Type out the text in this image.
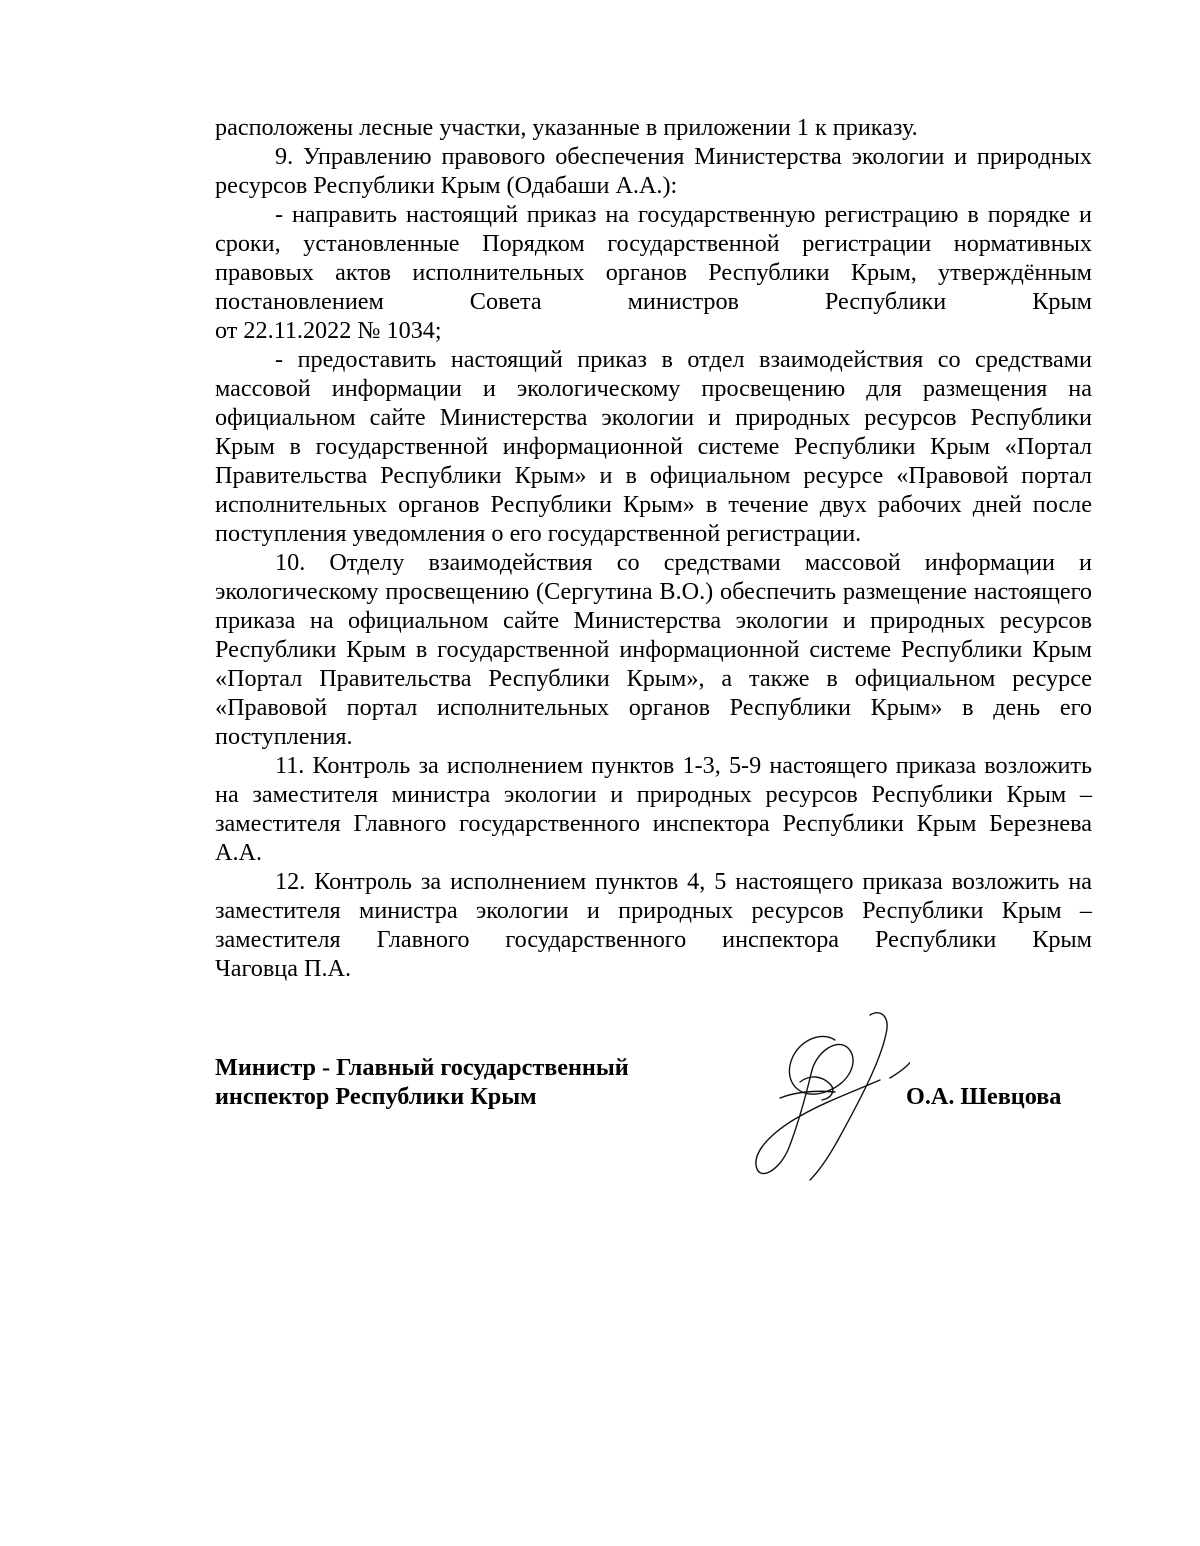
расположены лесные участки, указанные в приложении 1 к приказу.

9. Управлению правового обеспечения Министерства экологии и природных ресурсов Республики Крым (Одабаши А.А.):

- направить настоящий приказ на государственную регистрацию в порядке и сроки, установленные Порядком государственной регистрации нормативных правовых актов исполнительных органов Республики Крым, утверждённым постановлением Совета министров Республики Крым

от 22.11.2022 № 1034;

- предоставить настоящий приказ в отдел взаимодействия со средствами массовой информации и экологическому просвещению для размещения на официальном сайте Министерства экологии и природных ресурсов Республики Крым в государственной информационной системе Республики Крым «Портал Правительства Республики Крым» и в официальном ресурсе «Правовой портал исполнительных органов Республики Крым» в течение двух рабочих дней после поступления уведомления о его государственной регистрации.

10. Отделу взаимодействия со средствами массовой информации и экологическому просвещению (Сергутина В.О.) обеспечить размещение настоящего приказа на официальном сайте Министерства экологии и природных ресурсов Республики Крым в государственной информационной системе Республики Крым «Портал Правительства Республики Крым», а также в официальном ресурсе «Правовой портал исполнительных органов Республики Крым» в день его поступления.

11. Контроль за исполнением пунктов 1-3, 5-9 настоящего приказа возложить на заместителя министра экологии и природных ресурсов Республики Крым – заместителя Главного государственного инспектора Республики Крым Березнева А.А.

12. Контроль за исполнением пунктов 4, 5 настоящего приказа возложить на заместителя министра экологии и природных ресурсов Республики Крым – заместителя Главного государственного инспектора Республики Крым

Чаговца П.А.

Министр - Главный государственный
инспектор Республики Крым	О.А. Шевцова
